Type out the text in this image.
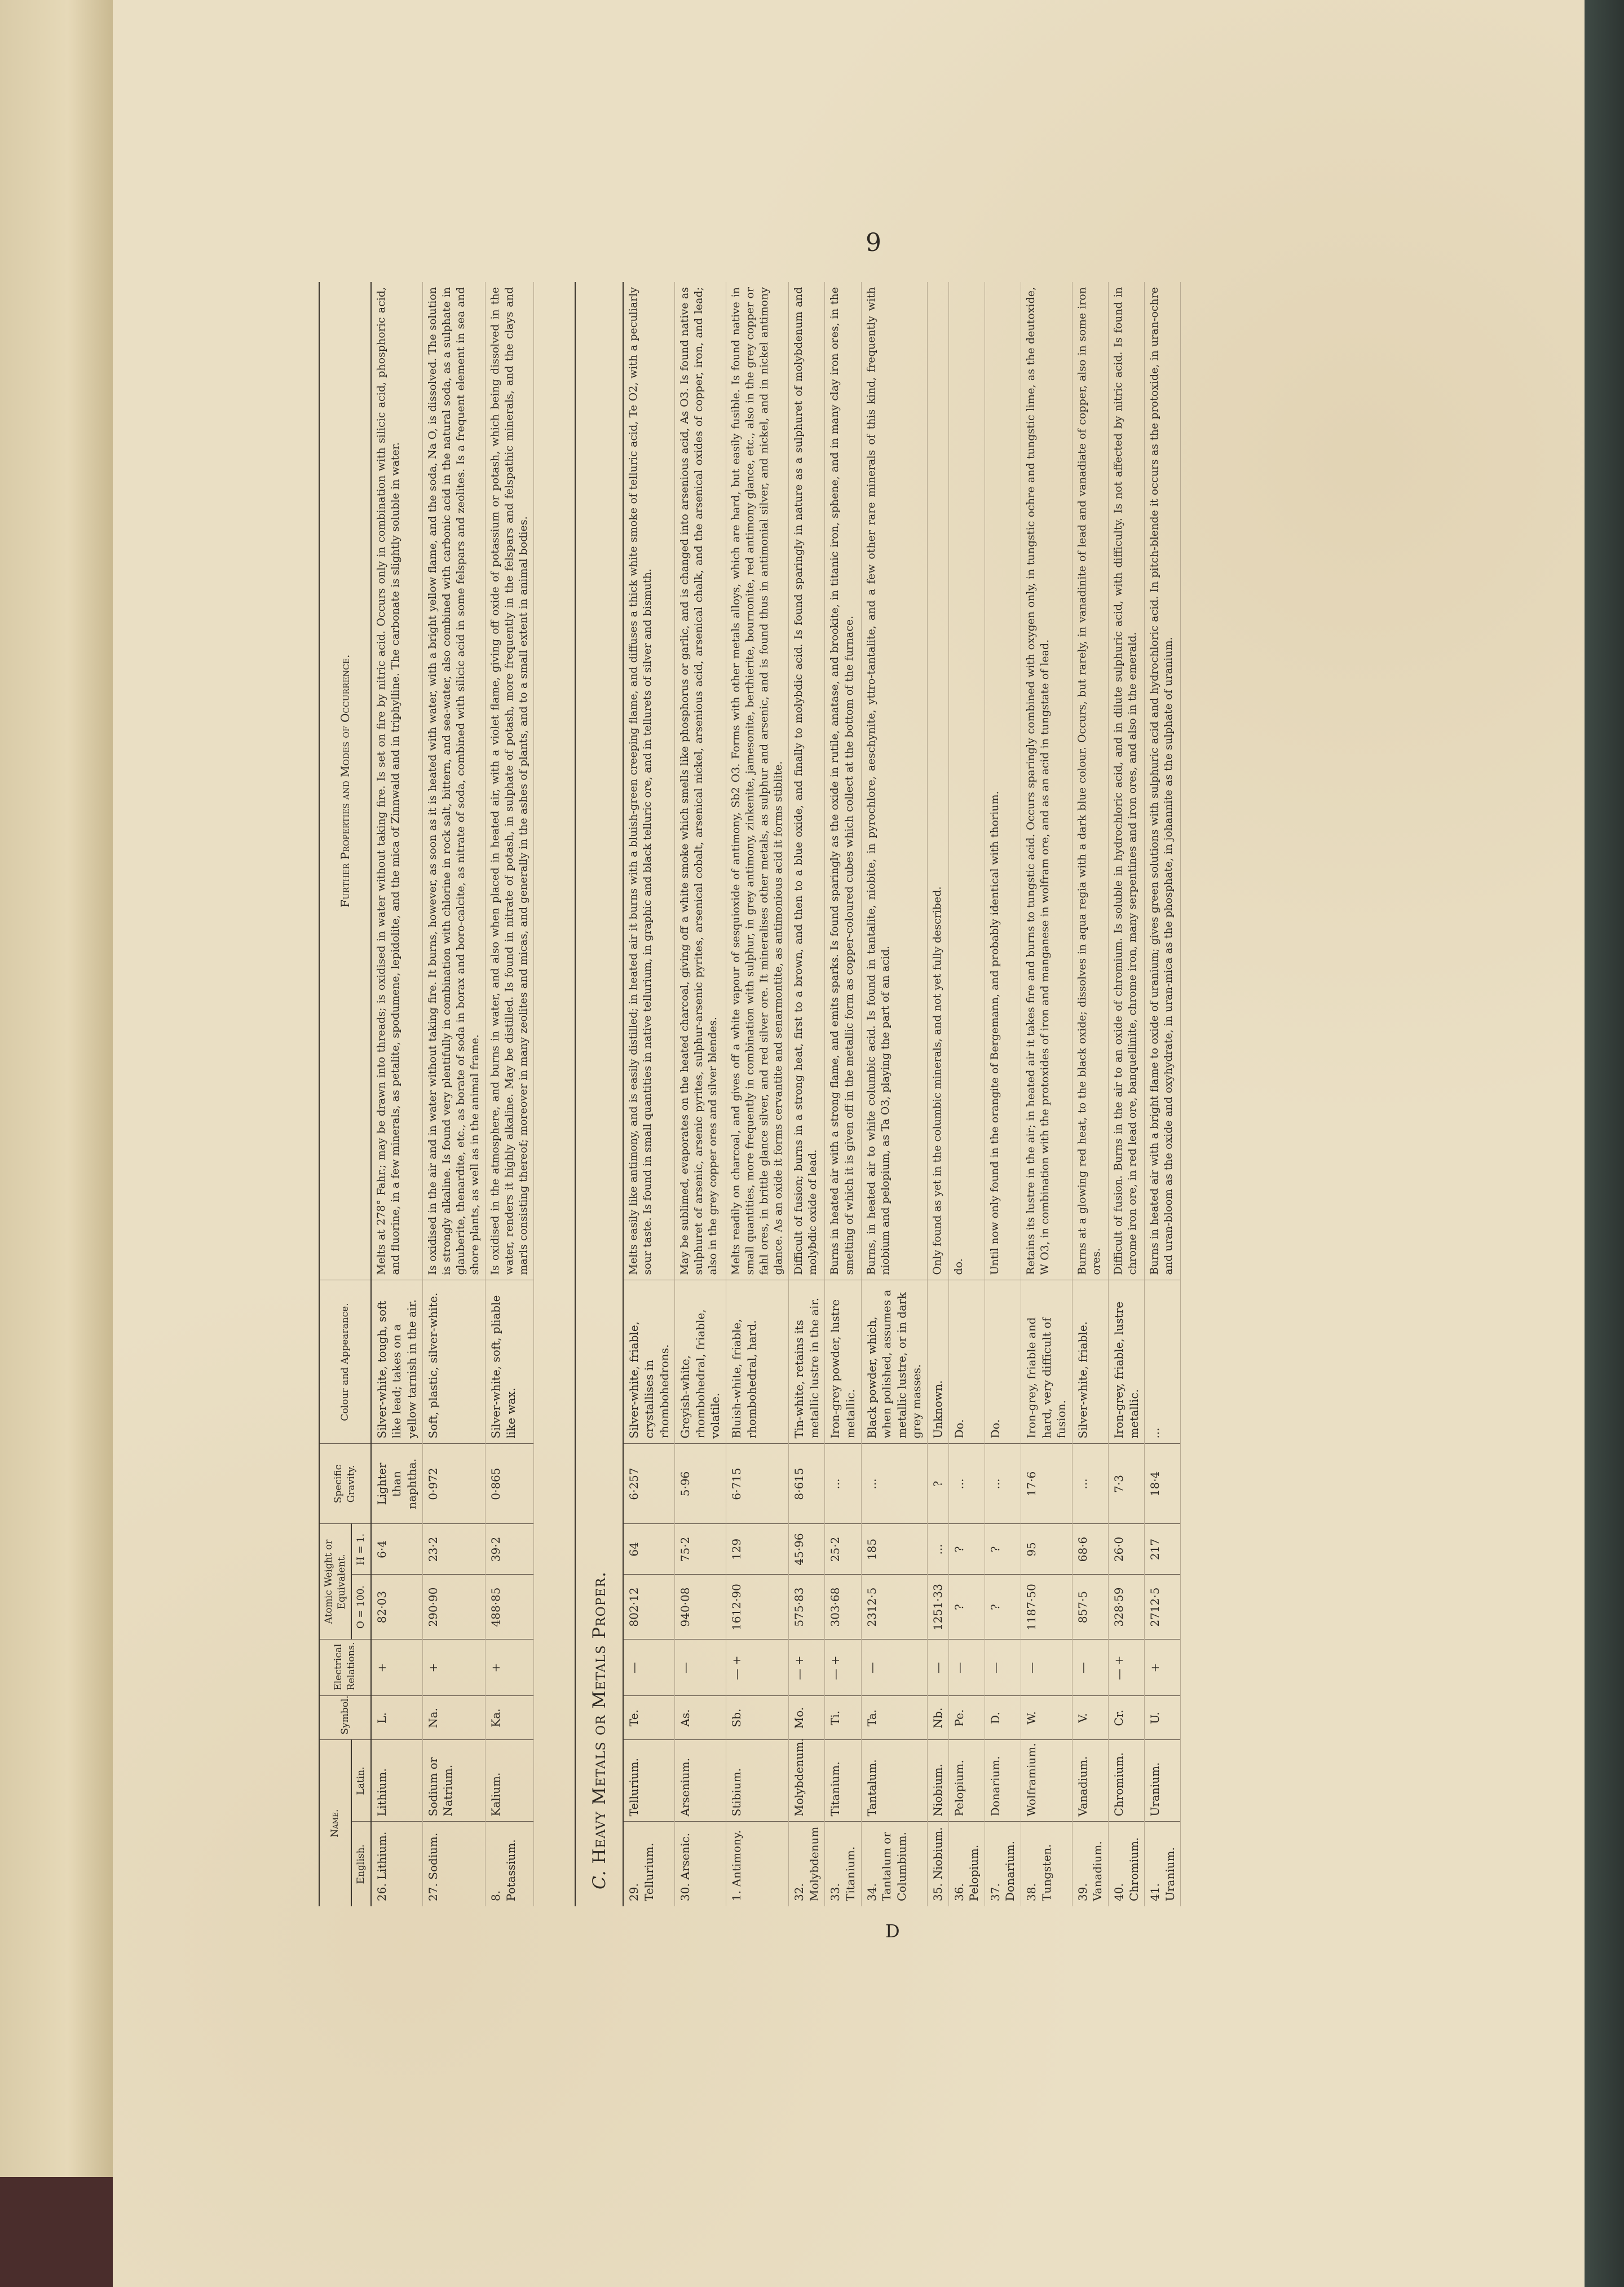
9
D
Name.		Symbol.	Electrical Relations.	Atomic Weight or Equivalent.		Specific Gravity.	Colour and Appearance.	Further Properties and Modes of Occurrence.
English.	Latin.			O = 100.	H = 1.			
26. Lithium.	Lithium.	L.	+	82·03	6·4	Lighter than naphtha.	Silver-white, tough, soft like lead; takes on a yellow tarnish in the air.	Melts at 278° Fahr.; may be drawn into threads; is oxidised in water without taking fire. Is set on fire by nitric acid. Occurs only in combination with silicic acid, phosphoric acid, and fluorine, in a few minerals, as petalite, spodumene, lepidolite, and the mica of Zinnwald and in triphylline. The carbonate is slightly soluble in water.
27. Sodium.	Sodium or Natrium.	Na.	+	290·90	23·2	0·972	Soft, plastic, silver-white.	Is oxidised in the air and in water without taking fire. It burns, however, as soon as it is heated with water, with a bright yellow flame, and the soda, Na O, is dissolved. The solution is strongly alkaline. Is found very plentifully in combination with chlorine in rock salt, bittern, and sea-water, also combined with carbonic acid in the natural soda, as a sulphate in glauberite, thenardite, etc., as borate of soda in borax and boro-calcite, as nitrate of soda, combined with silicic acid in some felspars and zeolites. Is a frequent element in sea and shore plants, as well as in the animal frame.
8. Potassium.	Kalium.	Ka.	+	488·85	39·2	0·865	Silver-white, soft, pliable like wax.	Is oxidised in the atmosphere, and burns in water, and also when placed in heated air, with a violet flame, giving off oxide of potassium or potash, which being dissolved in the water, renders it highly alkaline. May be distilled. Is found in nitrate of potash, in sulphate of potash, more frequently in the felspars and felspathic minerals, and the clays and marls consisting thereof; moreover in many zeolites and micas, and generally in the ashes of plants, and to a small extent in animal bodies.

C. Heavy Metals or Metals Proper.								
29. Tellurium.	Tellurium.	Te.	—	802·12	64	6·257	Silver-white, friable, crystallises in rhombohedrons.	Melts easily like antimony, and is easily distilled; in heated air it burns with a bluish-green creeping flame, and diffuses a thick white smoke of telluric acid, Te O2, with a peculiarly sour taste. Is found in small quantities in native tellurium, in graphic and black telluric ore, and in tellurets of silver and bismuth.
30. Arsenic.	Arsenium.	As.	—	940·08	75·2	5·96	Greyish-white, rhombohedral, friable, volatile.	May be sublimed, evaporates on the heated charcoal, giving off a white smoke which smells like phosphorus or garlic, and is changed into arsenious acid, As O3. Is found native as sulphuret of arsenic, arsenic pyrites, sulphur-arsenic pyrites, arsenical cobalt, arsenical nickel, arsenious acid, arsenical chalk, and the arsenical oxides of copper, iron, and lead; also in the grey copper ores and silver blendes.
1. Antimony.	Stibium.	Sb.	— +	1612·90	129	6·715	Bluish-white, friable, rhombohedral, hard.	Melts readily on charcoal, and gives off a white vapour of sesquioxide of antimony, Sb2 O3. Forms with other metals alloys, which are hard, but easily fusible. Is found native in small quantities, more frequently in combination with sulphur, in grey antimony, zinkenite, jamesonite, berthierite, bournonite, red antimony glance, etc., also in the grey copper or fahl ores, in brittle glance silver, and red silver ore. It mineralises other metals, as sulphur and arsenic, and is found thus in antimonial silver, and nickel, and in nickel antimony glance. As an oxide it forms cervantite and senarmontite, as antimonious acid it forms stiblite.
32. Molybdenum	Molybdenum.	Mo.	— +	575·83	45·96	8·615	Tin-white, retains its metallic lustre in the air.	Difficult of fusion; burns in a strong heat, first to a brown, and then to a blue oxide, and finally to molybdic acid. Is found sparingly in nature as a sulphuret of molybdenum and molybdic oxide of lead.
33. Titanium.	Titanium.	Ti.	— +	303·68	25·2	...	Iron-grey powder, lustre metallic.	Burns in heated air with a strong flame, and emits sparks. Is found sparingly as the oxide in rutile, anatase, and brookite, in titanic iron, sphene, and in many clay iron ores, in the smelting of which it is given off in the metallic form as copper-coloured cubes which collect at the bottom of the furnace.
34. Tantalum or Columbium.	Tantalum.	Ta.	—	2312·5	185	...	Black powder, which, when polished, assumes a metallic lustre, or in dark grey masses.	Burns, in heated air to white columbic acid. Is found in tantalite, niobite, in pyrochlore, aeschynite, yttro-tantalite, and a few other rare minerals of this kind, frequently with niobium and pelopium, as Ta O3, playing the part of an acid.
35. Niobium.	Niobium.	Nb.	—	1251·33	...	?	Unknown.	Only found as yet in the columbic minerals, and not yet fully described.
36. Pelopium.	Pelopium.	Pe.	—	?	?	...	Do.	do.
37. Donarium.	Donarium.	D.	—	?	?	...	Do.	Until now only found in the orangite of Bergemann, and probably identical with thorium.
38. Tungsten.	Wolframium.	W.	—	1187·50	95	17·6	Iron-grey, friable and hard, very difficult of fusion.	Retains its lustre in the air; in heated air it takes fire and burns to tungstic acid. Occurs sparingly combined with oxygen only, in tungstic ochre and tungstic lime, as the deutoxide, W O3, in combination with the protoxides of iron and manganese in wolfram ore, and as an acid in tungstate of lead.
39. Vanadium.	Vanadium.	V.	—	857·5	68·6	...	Silver-white, friable.	Burns at a glowing red heat, to the black oxide; dissolves in aqua regia with a dark blue colour. Occurs, but rarely, in vanadinite of lead and vanadiate of copper, also in some iron ores.
40. Chromium.	Chromium.	Cr.	— +	328·59	26·0	7·3	Iron-grey, friable, lustre metallic.	Difficult of fusion. Burns in the air to an oxide of chromium. Is soluble in hydrochloric acid, and in dilute sulphuric acid, with difficulty. Is not affected by nitric acid. Is found in chrome iron ore, in red lead ore, banquellinite, chrome iron, many serpentines and iron ores, and also in the emerald.
41. Uranium.	Uranium.	U.	+	2712·5	217	18·4	...	Burns in heated air with a bright flame to oxide of uranium; gives green solutions with sulphuric acid and hydrochloric acid. In pitch-blende it occurs as the protoxide, in uran-ochre and uran-bloom as the oxide and oxyhydrate, in uran-mica as the phosphate, in johannite as the sulphate of uranium.
